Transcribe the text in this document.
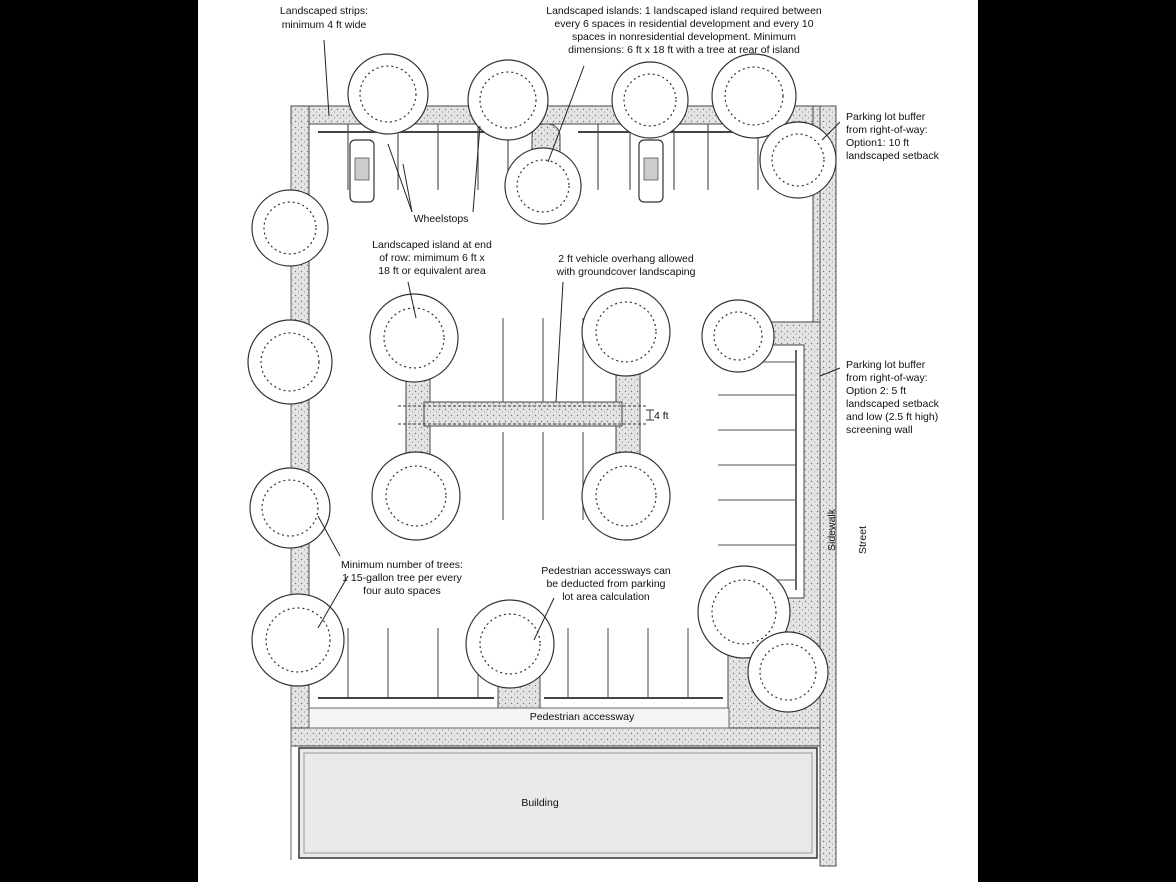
Landscaped strips:
minimum 4 ft wide
Landscaped islands: 1 landscaped island required between
every 6 spaces in residential development and every 10
spaces in nonresidential development. Minimum
dimensions: 6 ft x 18 ft with a tree at rear of island
Parking lot buffer
from right-of-way:
Option1: 10 ft
landscaped setback
Wheelstops
Landscaped island at end
of row: mimimum 6 ft x
18 ft or equivalent area
2 ft vehicle overhang allowed
with groundcover landscaping
4 ft
Parking lot buffer
from right-of-way:
Option 2: 5 ft
landscaped setback
and low (2.5 ft high)
screening wall
Sidewalk Street
Minimum number of trees:
1 15-gallon tree per every
four auto spaces
Pedestrian accessways can
be deducted from parking
lot area calculation
Pedestrian accessway
Building
